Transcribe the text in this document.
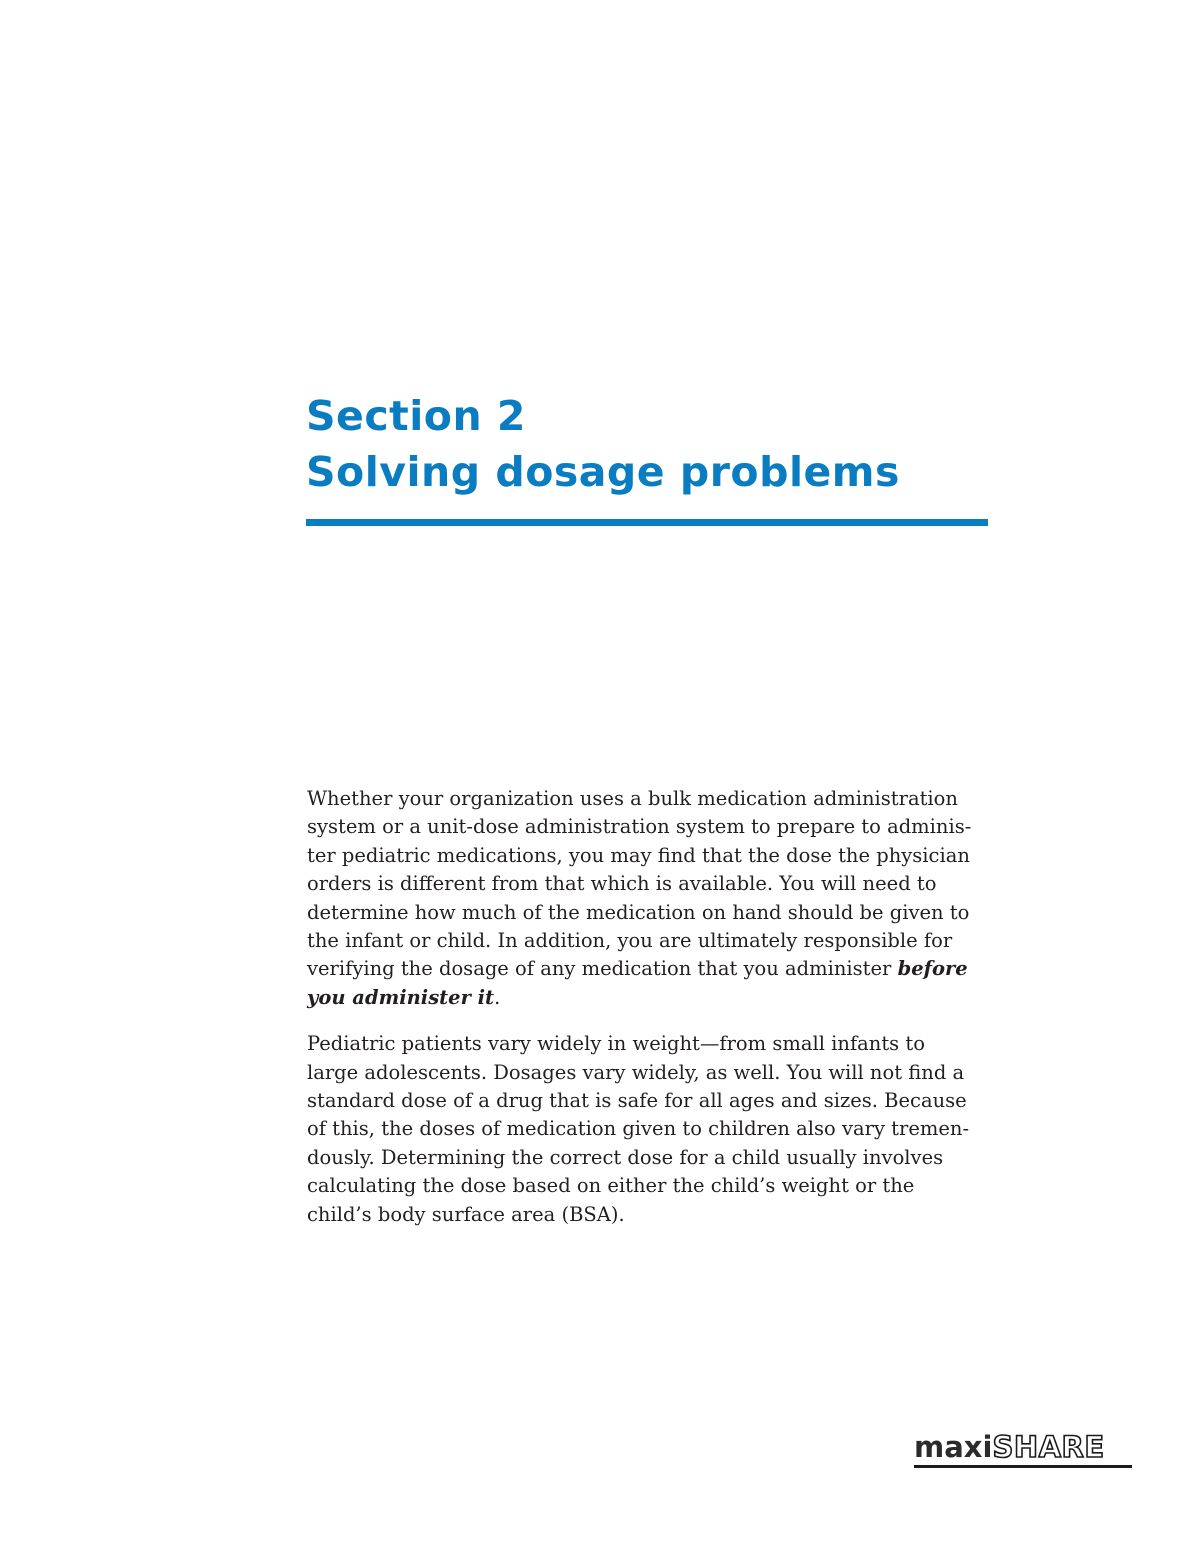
Section 2
Solving dosage problems

Whether your organization uses a bulk medication administration
system or a unit-dose administration system to prepare to adminis-
ter pediatric medications, you may find that the dose the physician
orders is different from that which is available. You will need to
determine how much of the medication on hand should be given to
the infant or child. In addition, you are ultimately responsible for
verifying the dosage of any medication that you administer before
you administer it.

Pediatric patients vary widely in weight—from small infants to
large adolescents. Dosages vary widely, as well. You will not find a
standard dose of a drug that is safe for all ages and sizes. Because
of this, the doses of medication given to children also vary tremen-
dously. Determining the correct dose for a child usually involves
calculating the dose based on either the child’s weight or the
child’s body surface area (BSA).

maxiSHARE
